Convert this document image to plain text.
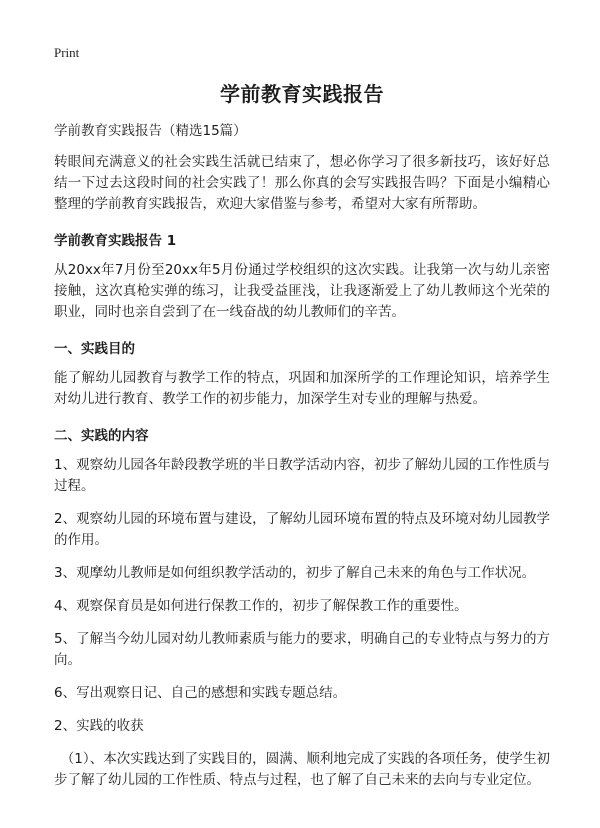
Print
学前教育实践报告
学前教育实践报告（精选15篇）

转眼间充满意义的社会实践生活就已结束了，想必你学习了很多新技巧，该好好总结一下过去这段时间的社会实践了！那么你真的会写实践报告吗？下面是小编精心整理的学前教育实践报告，欢迎大家借鉴与参考，希望对大家有所帮助。

学前教育实践报告 1

从20xx年7月份至20xx年5月份通过学校组织的这次实践。让我第一次与幼儿亲密接触，这次真枪实弹的练习，让我受益匪浅，让我逐渐爱上了幼儿教师这个光荣的职业，同时也亲自尝到了在一线奋战的幼儿教师们的辛苦。

一、实践目的

能了解幼儿园教育与教学工作的特点，巩固和加深所学的工作理论知识，培养学生对幼儿进行教育、教学工作的初步能力，加深学生对专业的理解与热爱。

二、实践的内容
1、观察幼儿园各年龄段教学班的半日教学活动内容，初步了解幼儿园的工作性质与过程。
2、观察幼儿园的环境布置与建设，了解幼儿园环境布置的特点及环境对幼儿园教学的作用。
3、观摩幼儿教师是如何组织教学活动的，初步了解自己未来的角色与工作状况。
4、观察保育员是如何进行保教工作的，初步了解保教工作的重要性。
5、了解当今幼儿园对幼儿教师素质与能力的要求，明确自己的专业特点与努力的方向。
6、写出观察日记、自己的感想和实践专题总结。
2、实践的收获

（1）、本次实践达到了实践目的，圆满、顺利地完成了实践的各项任务，使学生初步了解了幼儿园的工作性质、特点与过程，也了解了自己未来的去向与专业定位。
